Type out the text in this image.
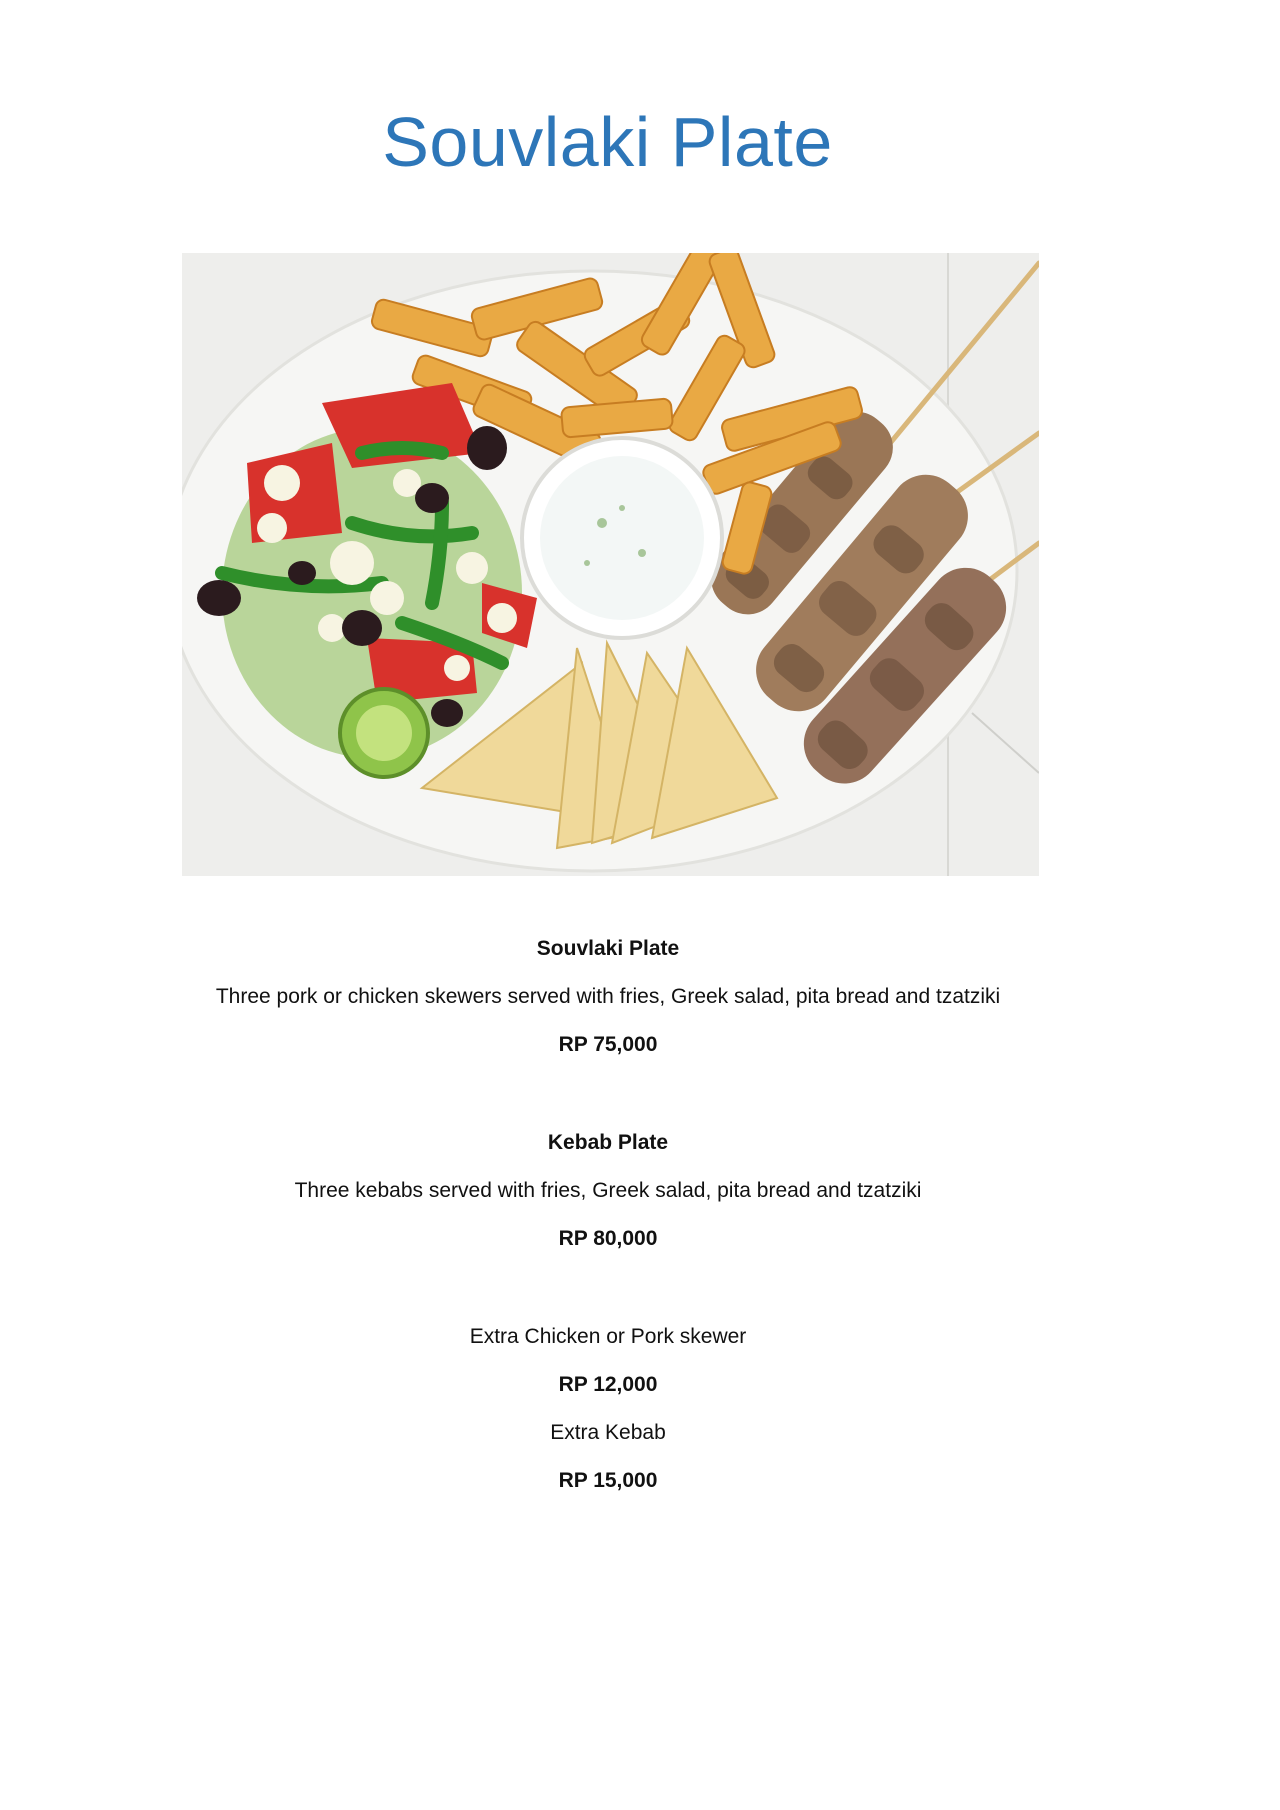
Souvlaki Plate
Souvlaki Plate
Three pork or chicken skewers served with fries, Greek salad, pita bread and tzatziki
RP 75,000
Kebab Plate
Three kebabs served with fries, Greek salad, pita bread and tzatziki
RP 80,000
Extra Chicken or Pork skewer
RP 12,000
Extra Kebab
RP 15,000
